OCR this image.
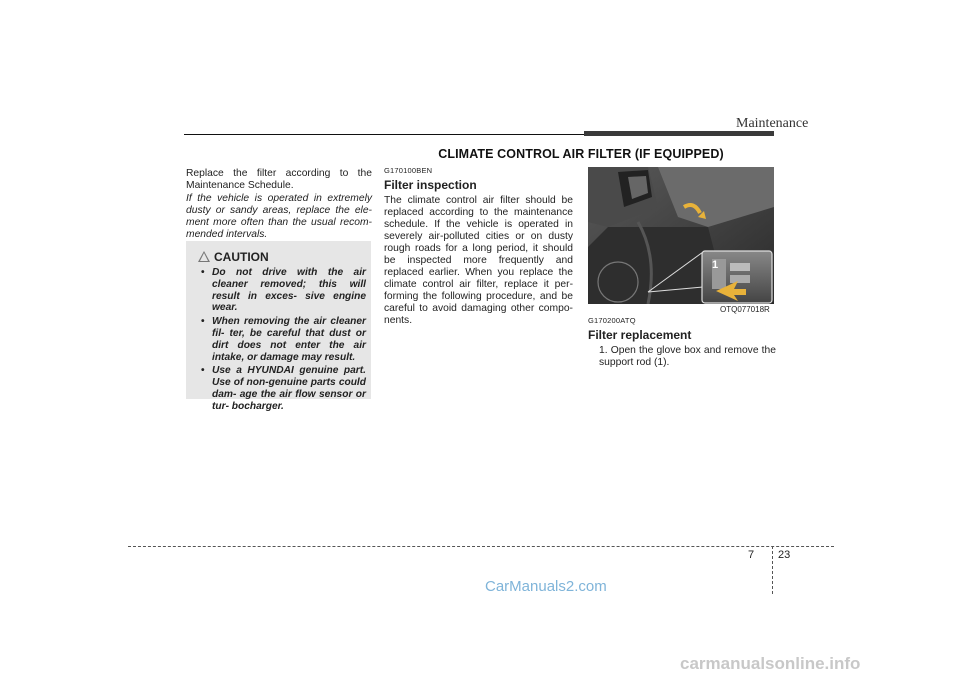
Maintenance
CLIMATE CONTROL AIR FILTER (IF EQUIPPED)

Replace the filter according to the Maintenance Schedule.

If the vehicle is operated in extremely dusty or sandy areas, replace the ele- ment more often than the usual recom- mended intervals.

CAUTION
• Do not drive with the air cleaner removed; this will result in exces- sive engine wear.
• When removing the air cleaner fil- ter, be careful that dust or dirt does not enter the air intake, or damage may result.
• Use a HYUNDAI genuine part. Use of non-genuine parts could dam- age the air flow sensor or tur- bocharger.
G170100BEN
Filter inspection
The climate control air filter should be replaced according to the maintenance schedule. If the vehicle is operated in severely air-polluted cities or on dusty rough roads for a long period, it should be inspected more frequently and replaced earlier. When you replace the climate control air filter, replace it per- forming the following procedure, and be careful to avoid damaging other compo- nents.
1
OTQ077018R
G170200ATQ
Filter replacement
1. Open the glove box and remove the support rod (1).
7 23
CarManuals2.com
carmanualsonline.info
